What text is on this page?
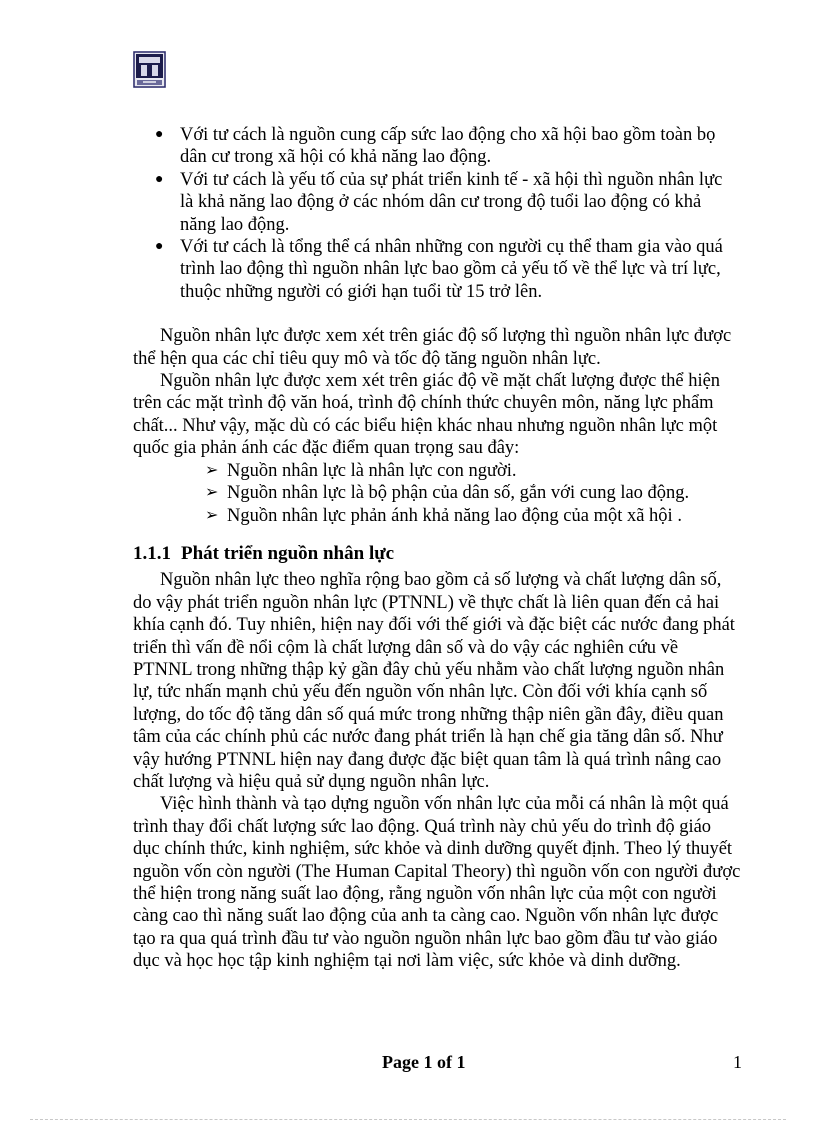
● Với tư cách là nguồn cung cấp sức lao động cho xã hội bao gồm toàn bọ dân cư trong xã hội có khả năng lao động.
● Với tư cách là yếu tố của sự phát triển kinh tế - xã hội thì nguồn nhân lực là khả năng lao động ở các nhóm dân cư trong độ tuổi lao động có khả năng lao động.
● Với tư cách là tổng thể cá nhân những con người cụ thể tham gia vào quá trình lao động thì nguồn nhân lực bao gồm cả yếu tố về thể lực và trí lực, thuộc những người có giới hạn tuổi từ 15 trở lên.

Nguồn nhân lực được xem xét trên giác độ số lượng thì nguồn nhân lực được thể hện qua các chỉ tiêu quy mô và tốc độ tăng nguồn nhân lực.

Nguồn nhân lực được xem xét trên giác độ về mặt chất lượng được thể hiện trên các mặt trình độ văn hoá, trình độ chính thức chuyên môn, năng lực phẩm chất... Như vậy, mặc dù có các biểu hiện khác nhau nhưng nguồn nhân lực một quốc gia phản ánh các đặc điểm quan trọng sau đây:

➢ Nguồn nhân lực là nhân lực con người.
➢ Nguồn nhân lực là bộ phận của dân số, gắn với cung lao động.
➢ Nguồn nhân lực phản ánh khả năng lao động của một xã hội .
1.1.1 Phát triển nguồn nhân lực

Nguồn nhân lực theo nghĩa rộng bao gồm cả số lượng và chất lượng dân số, do vậy phát triển nguồn nhân lực (PTNNL) về thực chất là liên quan đến cả hai khía cạnh đó. Tuy nhiên, hiện nay đối với thế giới và đặc biệt các nước đang phát triển thì vấn đề nổi cộm là chất lượng dân số và do vậy các nghiên cứu về PTNNL trong những thập kỷ gần đây chủ yếu nhằm vào chất lượng nguồn nhân lự, tức nhấn mạnh chủ yếu đến nguồn vốn nhân lực. Còn đối với khía cạnh số lượng, do tốc độ tăng dân số quá mức trong những thập niên gần đây, điều quan tâm của các chính phủ các nước đang phát triển là hạn chế gia tăng dân số. Như vậy hướng PTNNL hiện nay đang được đặc biệt quan tâm là quá trình nâng cao chất lượng và hiệu quả sử dụng nguồn nhân lực.

Việc hình thành và tạo dựng nguồn vốn nhân lực của mỗi cá nhân là một quá trình thay đổi chất lượng sức lao động. Quá trình này chủ yếu do trình độ giáo dục chính thức, kinh nghiệm, sức khỏe và dinh dưỡng quyết định. Theo lý thuyết nguồn vốn còn người (The Human Capital Theory) thì nguồn vốn con người được thể hiện trong năng suất lao động, rằng nguồn vốn nhân lực của một con người càng cao thì năng suất lao động của anh ta càng cao. Nguồn vốn nhân lực được tạo ra qua quá trình đầu tư vào nguồn nguồn nhân lực bao gồm đầu tư vào giáo dục và học học tập kinh nghiệm tại nơi làm việc, sức khỏe và dinh dưỡng.

Page 1 of 1	1
